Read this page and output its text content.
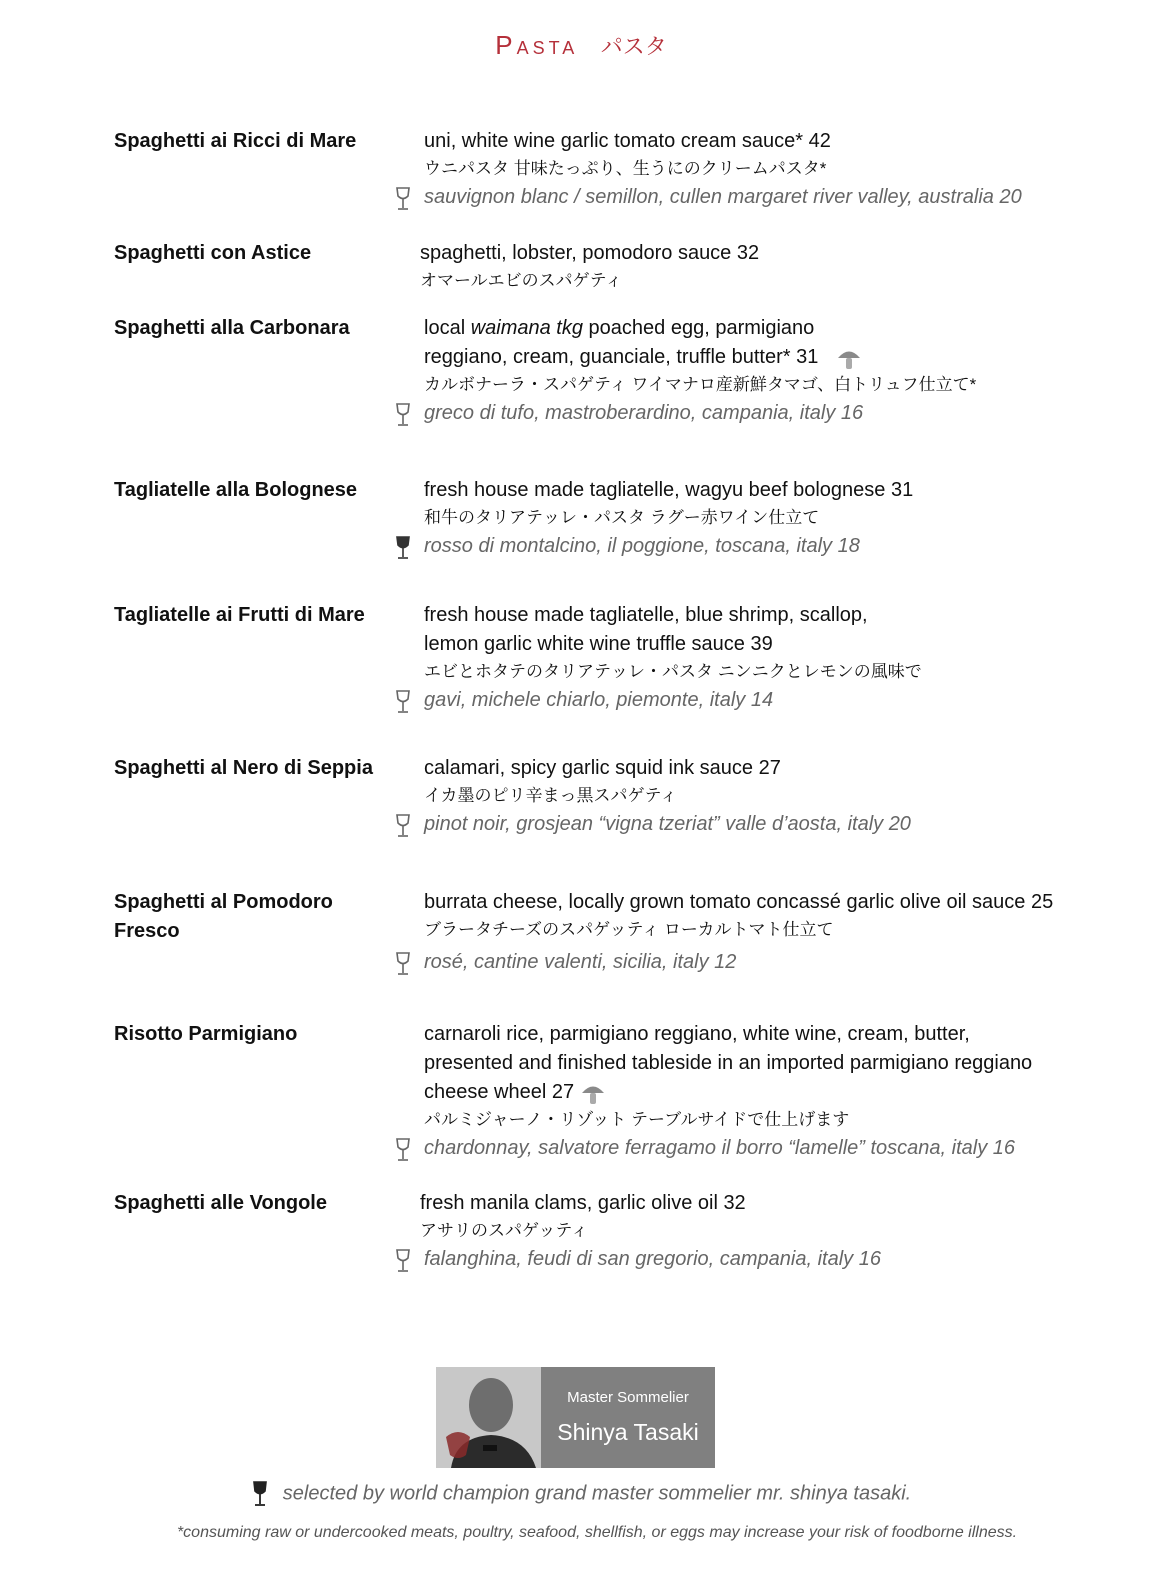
Pasta パスタ
Spaghetti ai Ricci di Mare	uni, white wine garlic tomato cream sauce* 42
ウニパスタ 甘味たっぷり、生うにのクリームパスタ*
sauvignon blanc / semillon, cullen margaret river valley, australia 20
Spaghetti con Astice	spaghetti, lobster, pomodoro sauce 32
オマールエビのスパゲティ
Spaghetti alla Carbonara	local waimana tkg poached egg, parmigiano
reggiano, cream, guanciale, truffle butter* 31
カルボナーラ・スパゲティ ワイマナロ産新鮮タマゴ、白トリュフ仕立て*
greco di tufo, mastroberardino, campania, italy 16
Tagliatelle alla Bolognese	fresh house made tagliatelle, wagyu beef bolognese 31
和牛のタリアテッレ・パスタ ラグー赤ワイン仕立て
rosso di montalcino, il poggione, toscana, italy 18
Tagliatelle ai Frutti di Mare	fresh house made tagliatelle, blue shrimp, scallop,
lemon garlic white wine truffle sauce 39
エビとホタテのタリアテッレ・パスタ ニンニクとレモンの風味で
gavi, michele chiarlo, piemonte, italy 14
Spaghetti al Nero di Seppia	calamari, spicy garlic squid ink sauce 27
イカ墨のピリ辛まっ黒スパゲティ
pinot noir, grosjean “vigna tzeriat” valle d’aosta, italy 20
Spaghetti al Pomodoro Fresco
burrata cheese, locally grown tomato concassé garlic olive oil sauce 25
ブラータチーズのスパゲッティ ローカルトマト仕立て
rosé, cantine valenti, sicilia, italy 12
Risotto Parmigiano	carnaroli rice, parmigiano reggiano, white wine, cream, butter,
presented and finished tableside in an imported parmigiano reggiano
cheese wheel 27
パルミジャーノ・リゾット テーブルサイドで仕上げます
chardonnay, salvatore ferragamo il borro “lamelle” toscana, italy 16
Spaghetti alle Vongole	fresh manila clams, garlic olive oil 32
アサリのスパゲッティ
falanghina, feudi di san gregorio, campania, italy 16
Master Sommelier
Shinya Tasaki
selected by world champion grand master sommelier mr. shinya tasaki.
*consuming raw or undercooked meats, poultry, seafood, shellfish, or eggs may increase your risk of foodborne illness.
